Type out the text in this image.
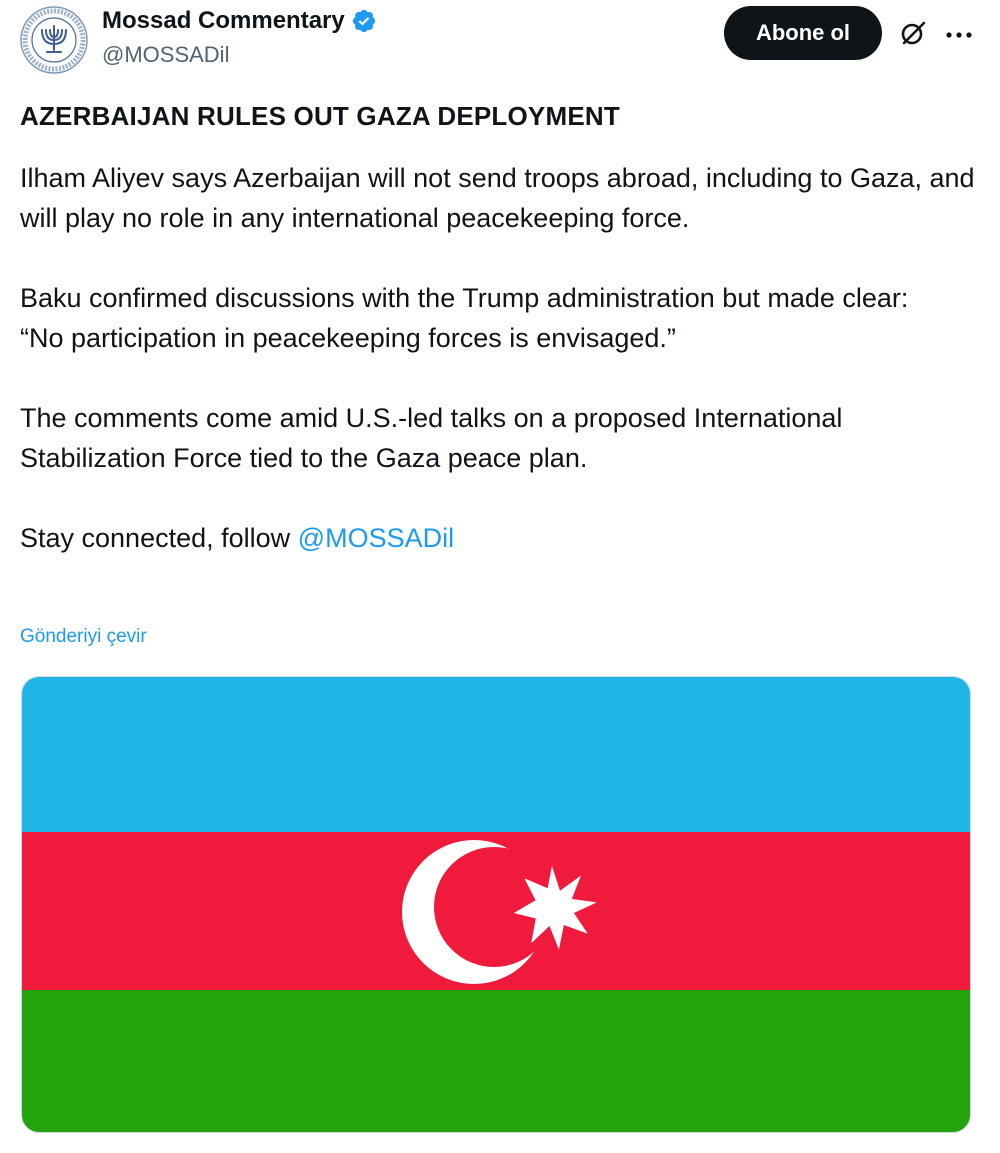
Mossad Commentary
@MOSSADil
Abone ol
AZERBAIJAN RULES OUT GAZA DEPLOYMENT
Ilham Aliyev says Azerbaijan will not send troops abroad, including to Gaza, and will play no role in any international peacekeeping force.
Baku confirmed discussions with the Trump administration but made clear:
“No participation in peacekeeping forces is envisaged.”
The comments come amid U.S.-led talks on a proposed International Stabilization Force tied to the Gaza peace plan.
Stay connected, follow @MOSSADil
Gönderiyi çevir
